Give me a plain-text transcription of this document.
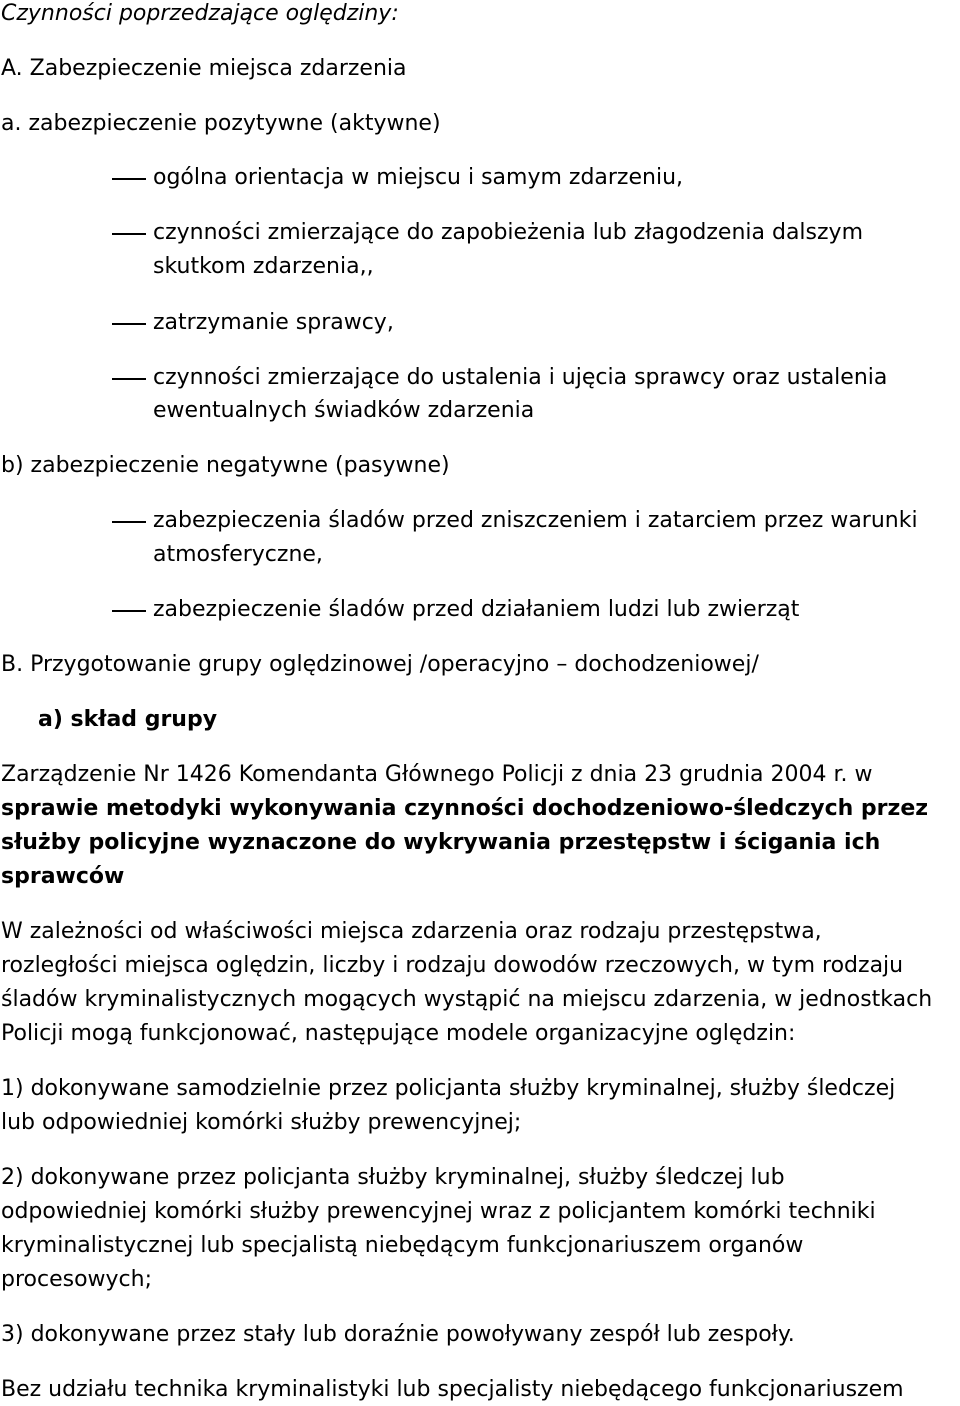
Czynności poprzedzające oględziny:
A. Zabezpieczenie miejsca zdarzenia
a. zabezpieczenie pozytywne (aktywne)
ogólna orientacja w miejscu i samym zdarzeniu,
czynności zmierzające do zapobieżenia lub złagodzenia dalszym
skutkom zdarzenia,,
zatrzymanie sprawcy,
czynności zmierzające do ustalenia i ujęcia sprawcy oraz ustalenia
ewentualnych świadków zdarzenia
b) zabezpieczenie negatywne (pasywne)
zabezpieczenia śladów przed zniszczeniem i zatarciem przez warunki
atmosferyczne,
zabezpieczenie śladów przed działaniem ludzi lub zwierząt
B. Przygotowanie grupy oględzinowej /operacyjno – dochodzeniowej/
a) skład grupy
Zarządzenie Nr 1426 Komendanta Głównego Policji z dnia 23 grudnia 2004 r. w
sprawie metodyki wykonywania czynności dochodzeniowo-śledczych przez
służby policyjne wyznaczone do wykrywania przestępstw i ścigania ich
sprawców
W zależności od właściwości miejsca zdarzenia oraz rodzaju przestępstwa,
rozległości miejsca oględzin, liczby i rodzaju dowodów rzeczowych, w tym rodzaju
śladów kryminalistycznych mogących wystąpić na miejscu zdarzenia, w jednostkach
Policji mogą funkcjonować, następujące modele organizacyjne oględzin:
1) dokonywane samodzielnie przez policjanta służby kryminalnej, służby śledczej
lub odpowiedniej komórki służby prewencyjnej;
2) dokonywane przez policjanta służby kryminalnej, służby śledczej lub
odpowiedniej komórki służby prewencyjnej wraz z policjantem komórki techniki
kryminalistycznej lub specjalistą niebędącym funkcjonariuszem organów
procesowych;
3) dokonywane przez stały lub doraźnie powoływany zespół lub zespoły.
Bez udziału technika kryminalistyki lub specjalisty niebędącego funkcjonariuszem
